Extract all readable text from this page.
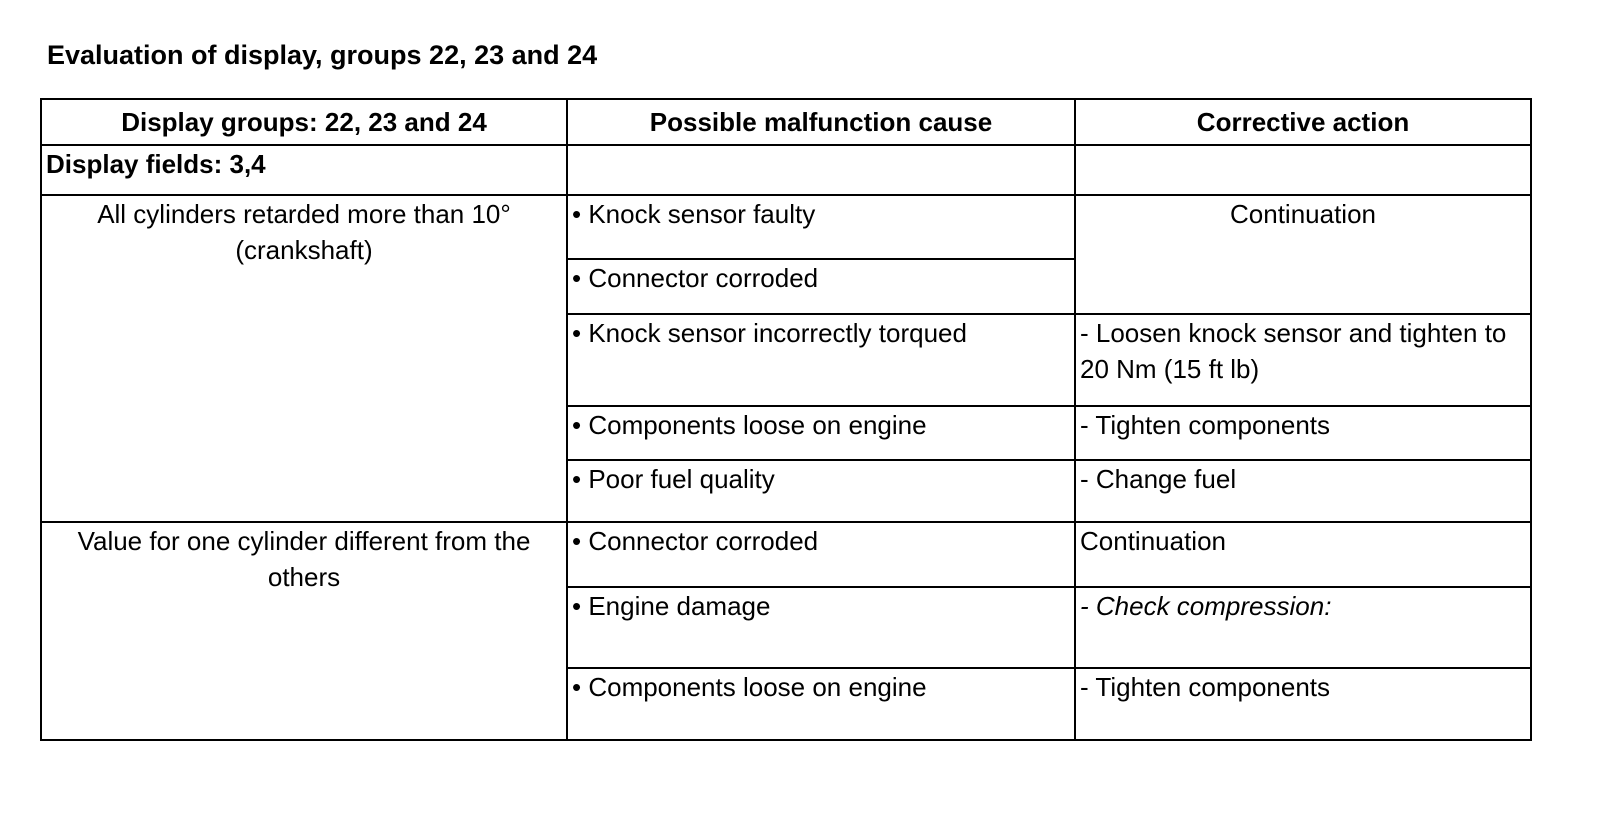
Evaluation of display, groups 22, 23 and 24
Display groups: 22, 23 and 24	Possible malfunction cause	Corrective action
Display fields: 3,4		
All cylinders retarded more than 10° (crankshaft)	• Knock sensor faulty	Continuation
	• Connector corroded	
	• Knock sensor incorrectly torqued	- Loosen knock sensor and tighten to 20 Nm (15 ft lb)
	• Components loose on engine	- Tighten components
	• Poor fuel quality	- Change fuel
Value for one cylinder different from the others	• Connector corroded	Continuation
	• Engine damage	- Check compression:
	• Components loose on engine	- Tighten components
